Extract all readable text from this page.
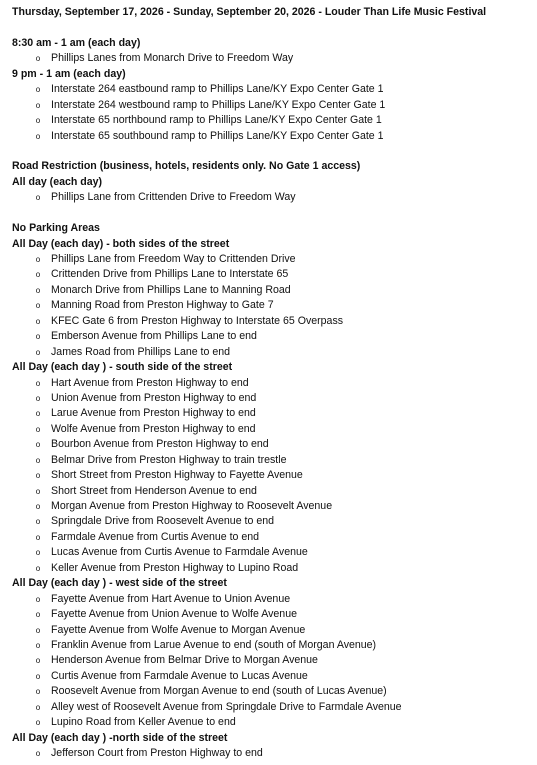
Thursday, September 17, 2026 - Sunday, September 20, 2026 - Louder Than Life Music Festival
8:30 am - 1 am (each day)
o Phillips Lanes from Monarch Drive to Freedom Way
9 pm - 1 am (each day)
o Interstate 264 eastbound ramp to Phillips Lane/KY Expo Center Gate 1
o Interstate 264 westbound ramp to Phillips Lane/KY Expo Center Gate 1
o Interstate 65 northbound ramp to Phillips Lane/KY Expo Center Gate 1
o Interstate 65 southbound ramp to Phillips Lane/KY Expo Center Gate 1
Road Restriction (business, hotels, residents only. No Gate 1 access)
All day (each day)
o Phillips Lane from Crittenden Drive to Freedom Way
No Parking Areas
All Day (each day) - both sides of the street
o Phillips Lane from Freedom Way to Crittenden Drive
o Crittenden Drive from Phillips Lane to Interstate 65
o Monarch Drive from Phillips Lane to Manning Road
o Manning Road from Preston Highway to Gate 7
o KFEC Gate 6 from Preston Highway to Interstate 65 Overpass
o Emberson Avenue from Phillips Lane to end
o James Road from Phillips Lane to end
All Day (each day ) - south side of the street
o Hart Avenue from Preston Highway to end
o Union Avenue from Preston Highway to end
o Larue Avenue from Preston Highway to end
o Wolfe Avenue from Preston Highway to end
o Bourbon Avenue from Preston Highway to end
o Belmar Drive from Preston Highway to train trestle
o Short Street from Preston Highway to Fayette Avenue
o Short Street from Henderson Avenue to end
o Morgan Avenue from Preston Highway to Roosevelt Avenue
o Springdale Drive from Roosevelt Avenue to end
o Farmdale Avenue from Curtis Avenue to end
o Lucas Avenue from Curtis Avenue to Farmdale Avenue
o Keller Avenue from Preston Highway to Lupino Road
All Day (each day ) - west side of the street
o Fayette Avenue from Hart Avenue to Union Avenue
o Fayette Avenue from Union Avenue to Wolfe Avenue
o Fayette Avenue from Wolfe Avenue to Morgan Avenue
o Franklin Avenue from Larue Avenue to end (south of Morgan Avenue)
o Henderson Avenue from Belmar Drive to Morgan Avenue
o Curtis Avenue from Farmdale Avenue to Lucas Avenue
o Roosevelt Avenue from Morgan Avenue to end (south of Lucas Avenue)
o Alley west of Roosevelt Avenue from Springdale Drive to Farmdale Avenue
o Lupino Road from Keller Avenue to end
All Day (each day ) -north side of the street
o Jefferson Court from Preston Highway to end
